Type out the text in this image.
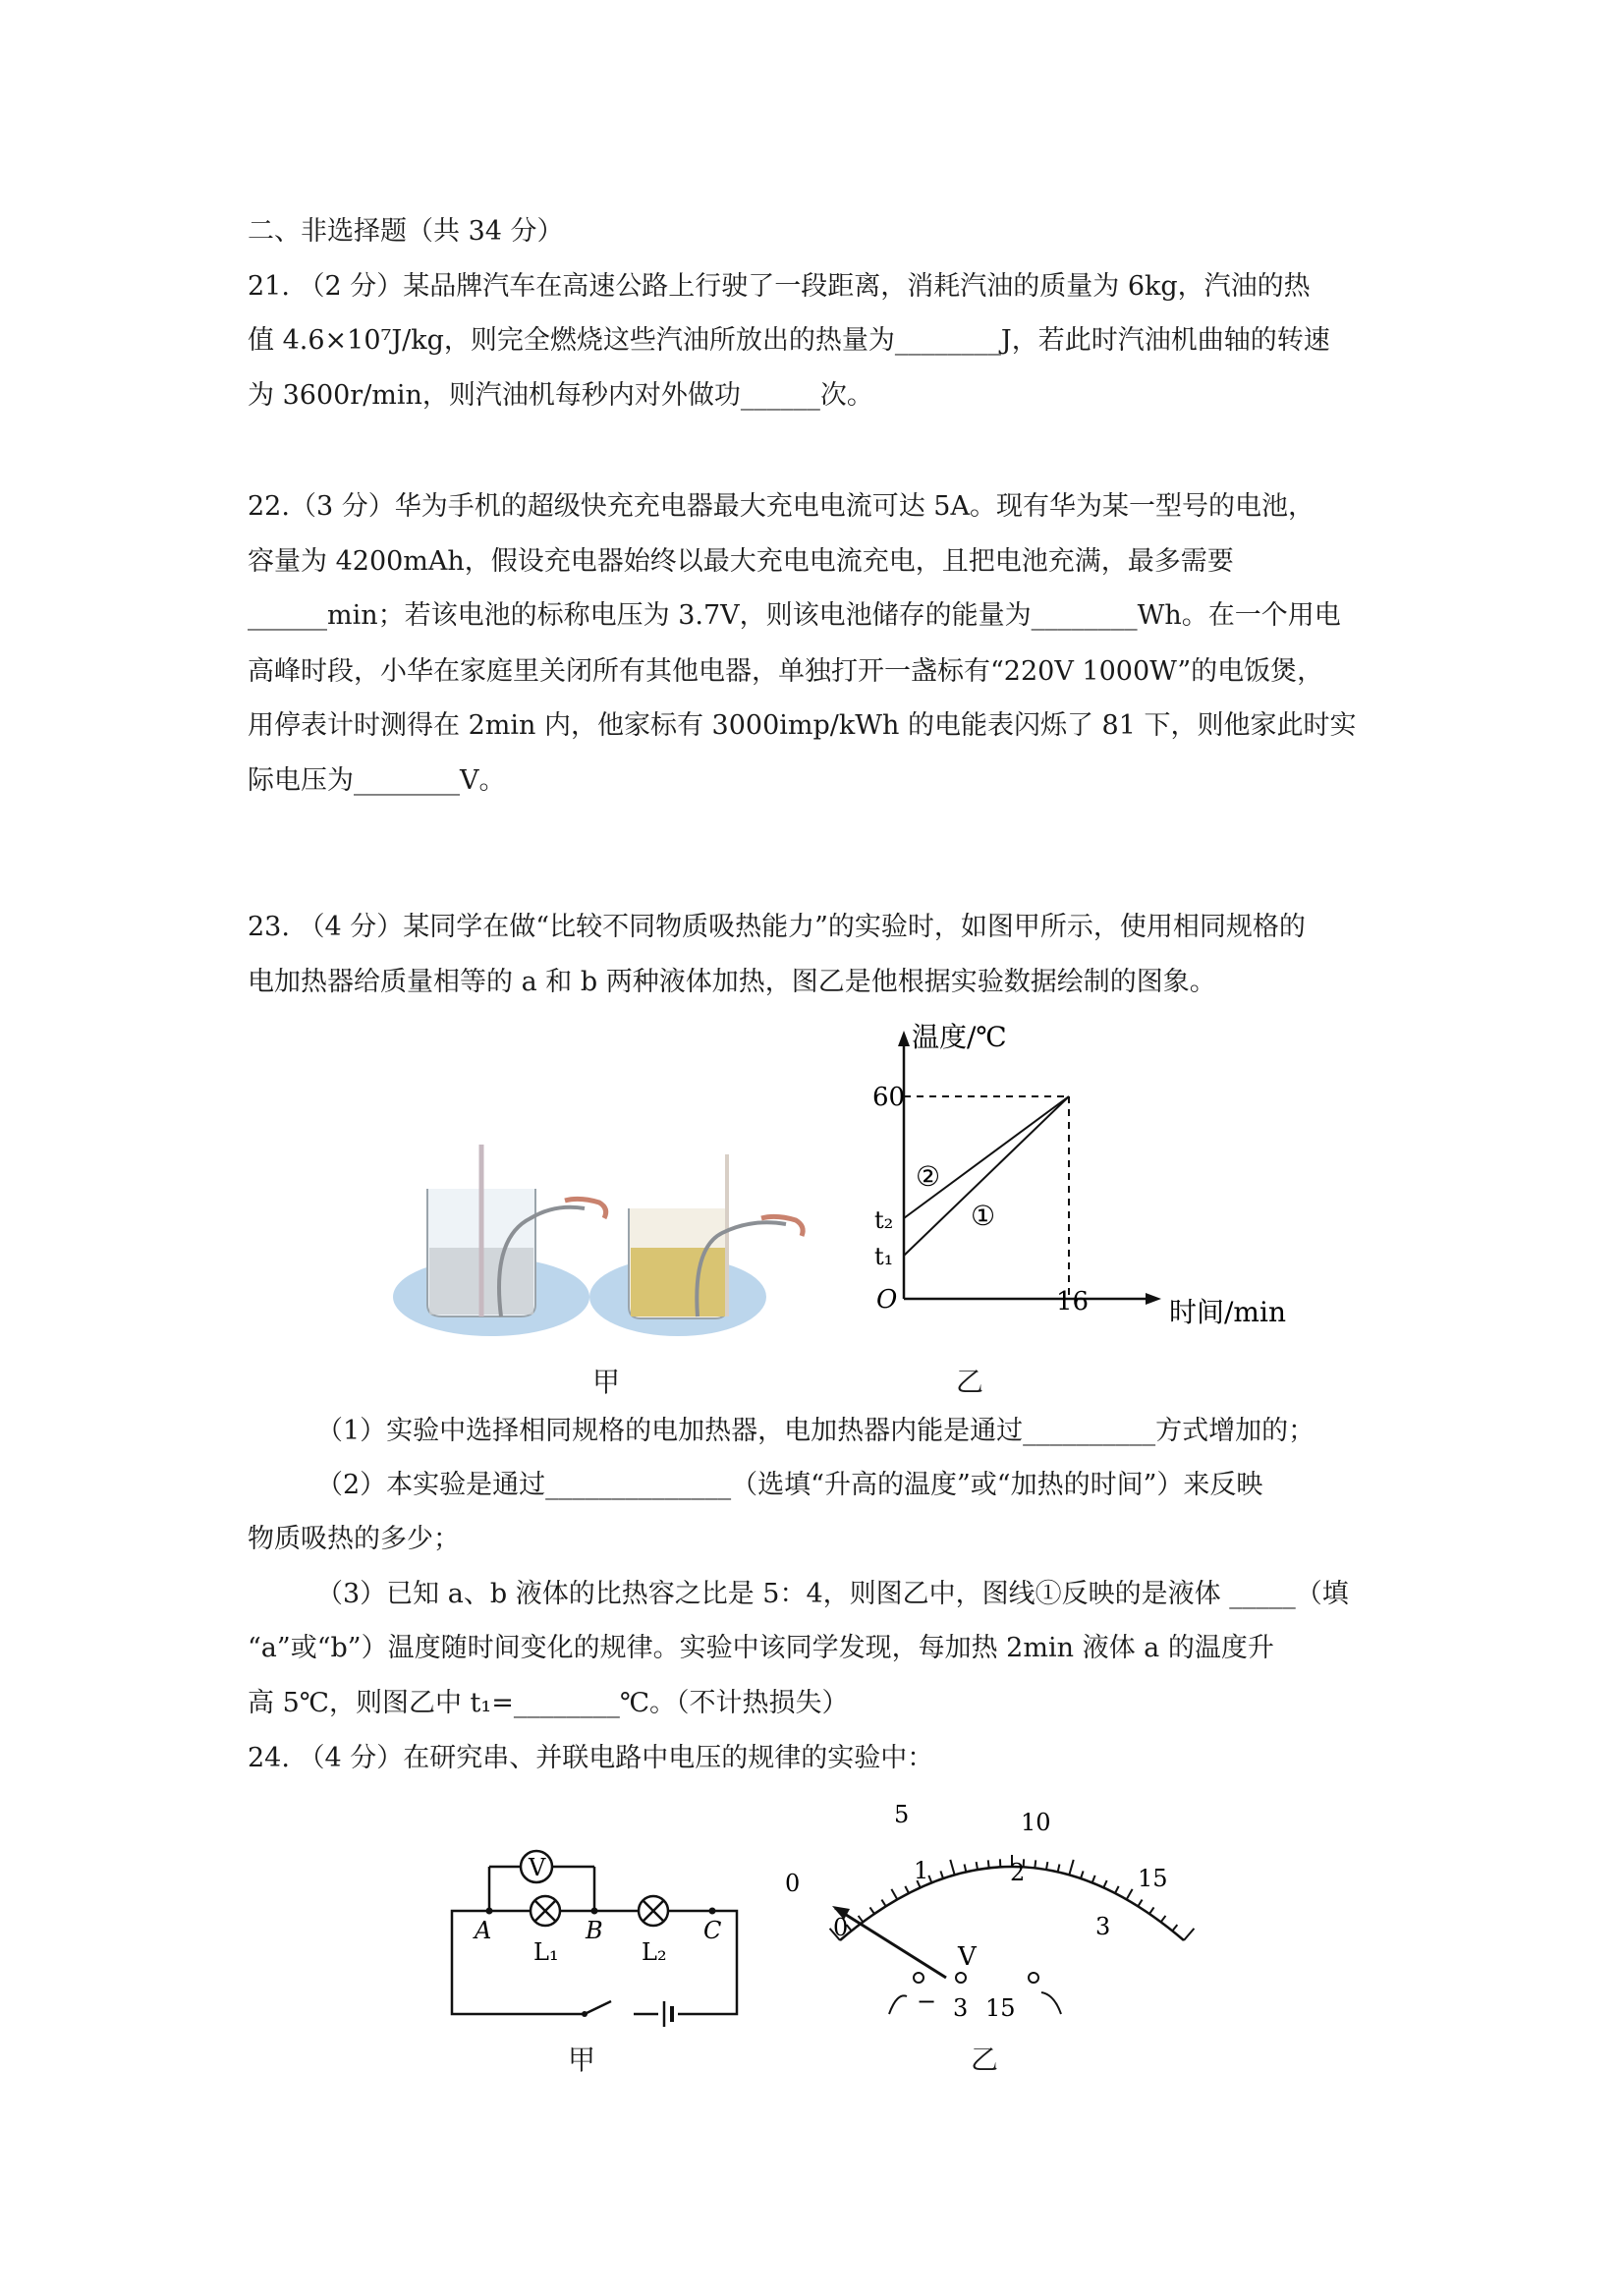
二、非选择题（共 34 分）
21. （2 分）某品牌汽车在高速公路上行驶了一段距离，消耗汽油的质量为 6kg，汽油的热
值 4.6×10⁷J/kg，则完全燃烧这些汽油所放出的热量为________J，若此时汽油机曲轴的转速
为 3600r/min，则汽油机每秒内对外做功______次。
22.（3 分）华为手机的超级快充充电器最大充电电流可达 5A。现有华为某一型号的电池，
容量为 4200mAh，假设充电器始终以最大充电电流充电，且把电池充满，最多需要
______min；若该电池的标称电压为 3.7V，则该电池储存的能量为________Wh。在一个用电
高峰时段，小华在家庭里关闭所有其他电器，单独打开一盏标有“220V 1000W”的电饭煲，
用停表计时测得在 2min 内，他家标有 3000imp/kWh 的电能表闪烁了 81 下，则他家此时实
际电压为________V。
23. （4 分）某同学在做“比较不同物质吸热能力”的实验时，如图甲所示，使用相同规格的
电加热器给质量相等的 a 和 b 两种液体加热，图乙是他根据实验数据绘制的图象。
温度/℃
时间/min
O
60
t₂
t₁
16
②
①
甲	乙
（1）实验中选择相同规格的电加热器，电加热器内能是通过__________方式增加的；
（2）本实验是通过______________（选填“升高的温度”或“加热的时间”）来反映
物质吸热的多少；
（3）已知 a、b 液体的比热容之比是 5：4，则图乙中，图线①反映的是液体 _____（填
“a”或“b”）温度随时间变化的规律。实验中该同学发现，每加热 2min 液体 a 的温度升
高 5℃，则图乙中 t₁=________℃。（不计热损失）
24. （4 分）在研究串、并联电路中电压的规律的实验中：
V
A	B	C
L₁	L₂
0
5	10
15
0
1	2
3
V
− 3 15
甲	乙
